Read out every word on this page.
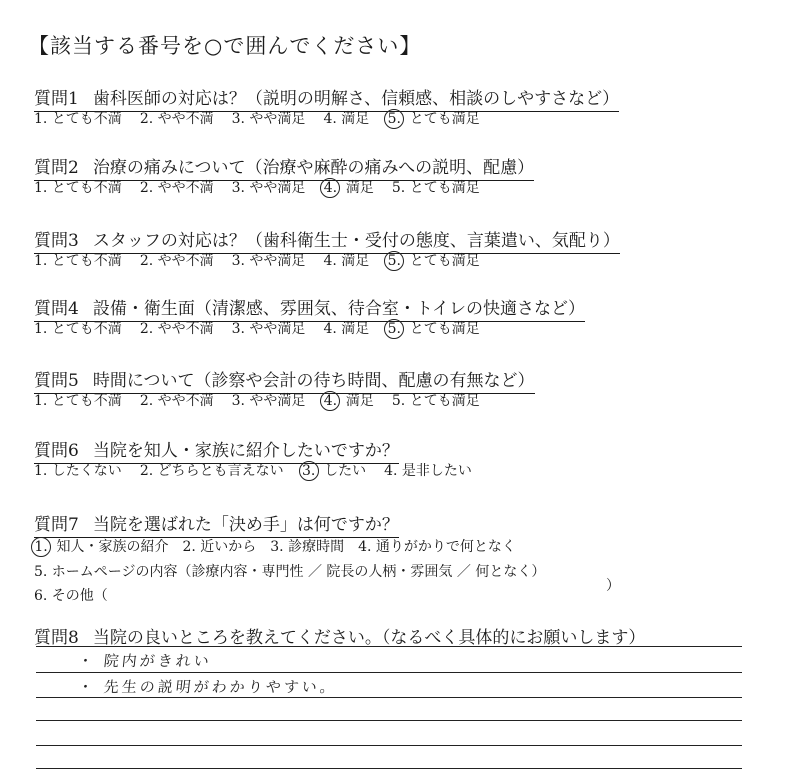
【該当する番号を○で囲んでください】
質問1 歯科医師の対応は？（説明の明解さ、信頼感、相談のしやすさなど）
1. とても不満 2. やや不満 3. やや満足 4. 満足 5. とても満足
質問2 治療の痛みについて（治療や麻酔の痛みへの説明、配慮）
1. とても不満 2. やや不満 3. やや満足 4. 満足 5. とても満足
質問3 スタッフの対応は？（歯科衛生士・受付の態度、言葉遣い、気配り）
1. とても不満 2. やや不満 3. やや満足 4. 満足 5. とても満足
質問4 設備・衛生面（清潔感、雰囲気、待合室・トイレの快適さなど）
1. とても不満 2. やや不満 3. やや満足 4. 満足 5. とても満足
質問5 時間について（診察や会計の待ち時間、配慮の有無など）
1. とても不満 2. やや不満 3. やや満足 4. 満足 5. とても満足
質問6 当院を知人・家族に紹介したいですか？
1. したくない 2. どちらとも言えない 3. したい 4. 是非したい
質問7 当院を選ばれた「決め手」は何ですか？
1. 知人・家族の紹介 2. 近いから 3. 診療時間 4. 通りがかりで何となく
5. ホームページの内容（診療内容・専門性 ／ 院長の人柄・雰囲気 ／ 何となく）
6. その他（
）
質問8 当院の良いところを教えてください。（なるべく具体的にお願いします）
・ 院内がきれい
・ 先生の説明がわかりやすい。
